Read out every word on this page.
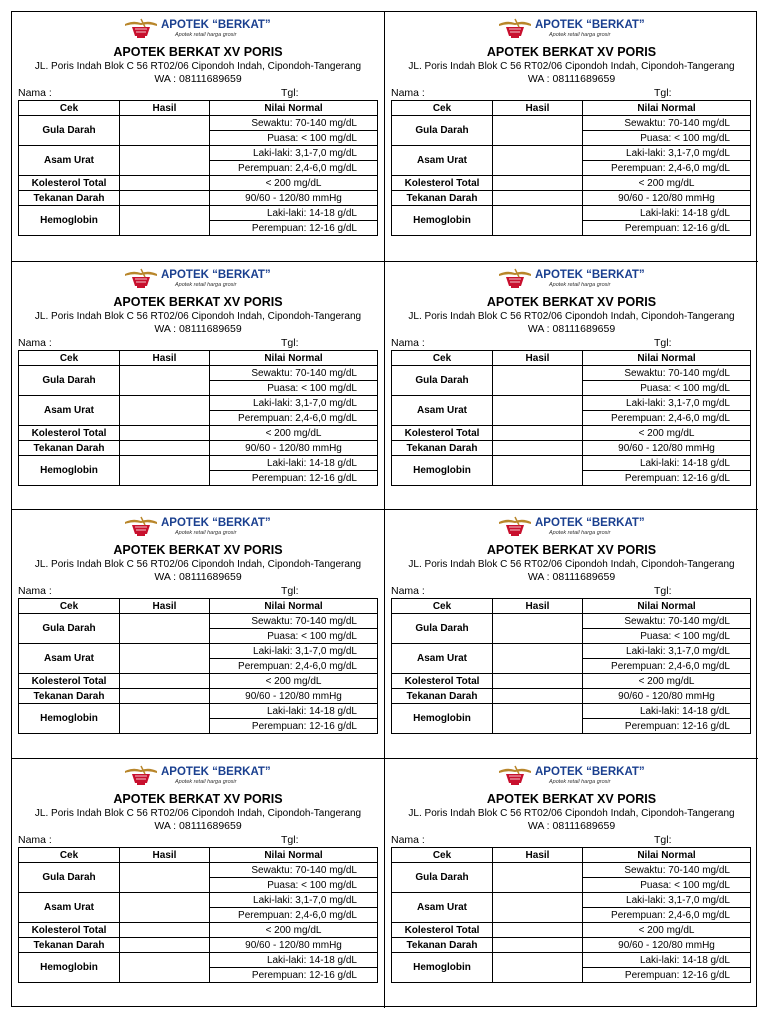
APOTEK “BERKAT”
Apotek retail harga grosir
APOTEK BERKAT XV PORIS
JL. Poris Indah Blok C 56 RT02/06 Cipondoh Indah, Cipondoh-Tangerang
WA : 08111689659
Nama :	Tgl:
Cek	Hasil	Nilai Normal
Gula Darah		Sewaktu: 70-140 mg/dL
		Puasa: < 100 mg/dL
Asam Urat		Laki-laki: 3,1-7,0 mg/dL
		Perempuan: 2,4-6,0 mg/dL
Kolesterol Total		< 200 mg/dL
Tekanan Darah		90/60 - 120/80 mmHg
Hemoglobin		Laki-laki: 14-18 g/dL
		Perempuan: 12-16 g/dL
APOTEK “BERKAT”
Apotek retail harga grosir
APOTEK BERKAT XV PORIS
JL. Poris Indah Blok C 56 RT02/06 Cipondoh Indah, Cipondoh-Tangerang
WA : 08111689659
Nama :	Tgl:
Cek	Hasil	Nilai Normal
Gula Darah		Sewaktu: 70-140 mg/dL
		Puasa: < 100 mg/dL
Asam Urat		Laki-laki: 3,1-7,0 mg/dL
		Perempuan: 2,4-6,0 mg/dL
Kolesterol Total		< 200 mg/dL
Tekanan Darah		90/60 - 120/80 mmHg
Hemoglobin		Laki-laki: 14-18 g/dL
		Perempuan: 12-16 g/dL
APOTEK “BERKAT”
Apotek retail harga grosir
APOTEK BERKAT XV PORIS
JL. Poris Indah Blok C 56 RT02/06 Cipondoh Indah, Cipondoh-Tangerang
WA : 08111689659
Nama :	Tgl:
Cek	Hasil	Nilai Normal
Gula Darah		Sewaktu: 70-140 mg/dL
		Puasa: < 100 mg/dL
Asam Urat		Laki-laki: 3,1-7,0 mg/dL
		Perempuan: 2,4-6,0 mg/dL
Kolesterol Total		< 200 mg/dL
Tekanan Darah		90/60 - 120/80 mmHg
Hemoglobin		Laki-laki: 14-18 g/dL
		Perempuan: 12-16 g/dL
APOTEK “BERKAT”
Apotek retail harga grosir
APOTEK BERKAT XV PORIS
JL. Poris Indah Blok C 56 RT02/06 Cipondoh Indah, Cipondoh-Tangerang
WA : 08111689659
Nama :	Tgl:
Cek	Hasil	Nilai Normal
Gula Darah		Sewaktu: 70-140 mg/dL
		Puasa: < 100 mg/dL
Asam Urat		Laki-laki: 3,1-7,0 mg/dL
		Perempuan: 2,4-6,0 mg/dL
Kolesterol Total		< 200 mg/dL
Tekanan Darah		90/60 - 120/80 mmHg
Hemoglobin		Laki-laki: 14-18 g/dL
		Perempuan: 12-16 g/dL
APOTEK “BERKAT”
Apotek retail harga grosir
APOTEK BERKAT XV PORIS
JL. Poris Indah Blok C 56 RT02/06 Cipondoh Indah, Cipondoh-Tangerang
WA : 08111689659
Nama :	Tgl:
Cek	Hasil	Nilai Normal
Gula Darah		Sewaktu: 70-140 mg/dL
		Puasa: < 100 mg/dL
Asam Urat		Laki-laki: 3,1-7,0 mg/dL
		Perempuan: 2,4-6,0 mg/dL
Kolesterol Total		< 200 mg/dL
Tekanan Darah		90/60 - 120/80 mmHg
Hemoglobin		Laki-laki: 14-18 g/dL
		Perempuan: 12-16 g/dL
APOTEK “BERKAT”
Apotek retail harga grosir
APOTEK BERKAT XV PORIS
JL. Poris Indah Blok C 56 RT02/06 Cipondoh Indah, Cipondoh-Tangerang
WA : 08111689659
Nama :	Tgl:
Cek	Hasil	Nilai Normal
Gula Darah		Sewaktu: 70-140 mg/dL
		Puasa: < 100 mg/dL
Asam Urat		Laki-laki: 3,1-7,0 mg/dL
		Perempuan: 2,4-6,0 mg/dL
Kolesterol Total		< 200 mg/dL
Tekanan Darah		90/60 - 120/80 mmHg
Hemoglobin		Laki-laki: 14-18 g/dL
		Perempuan: 12-16 g/dL
APOTEK “BERKAT”
Apotek retail harga grosir
APOTEK BERKAT XV PORIS
JL. Poris Indah Blok C 56 RT02/06 Cipondoh Indah, Cipondoh-Tangerang
WA : 08111689659
Nama :	Tgl:
Cek	Hasil	Nilai Normal
Gula Darah		Sewaktu: 70-140 mg/dL
		Puasa: < 100 mg/dL
Asam Urat		Laki-laki: 3,1-7,0 mg/dL
		Perempuan: 2,4-6,0 mg/dL
Kolesterol Total		< 200 mg/dL
Tekanan Darah		90/60 - 120/80 mmHg
Hemoglobin		Laki-laki: 14-18 g/dL
		Perempuan: 12-16 g/dL
APOTEK “BERKAT”
Apotek retail harga grosir
APOTEK BERKAT XV PORIS
JL. Poris Indah Blok C 56 RT02/06 Cipondoh Indah, Cipondoh-Tangerang
WA : 08111689659
Nama :	Tgl:
Cek	Hasil	Nilai Normal
Gula Darah		Sewaktu: 70-140 mg/dL
		Puasa: < 100 mg/dL
Asam Urat		Laki-laki: 3,1-7,0 mg/dL
		Perempuan: 2,4-6,0 mg/dL
Kolesterol Total		< 200 mg/dL
Tekanan Darah		90/60 - 120/80 mmHg
Hemoglobin		Laki-laki: 14-18 g/dL
		Perempuan: 12-16 g/dL
